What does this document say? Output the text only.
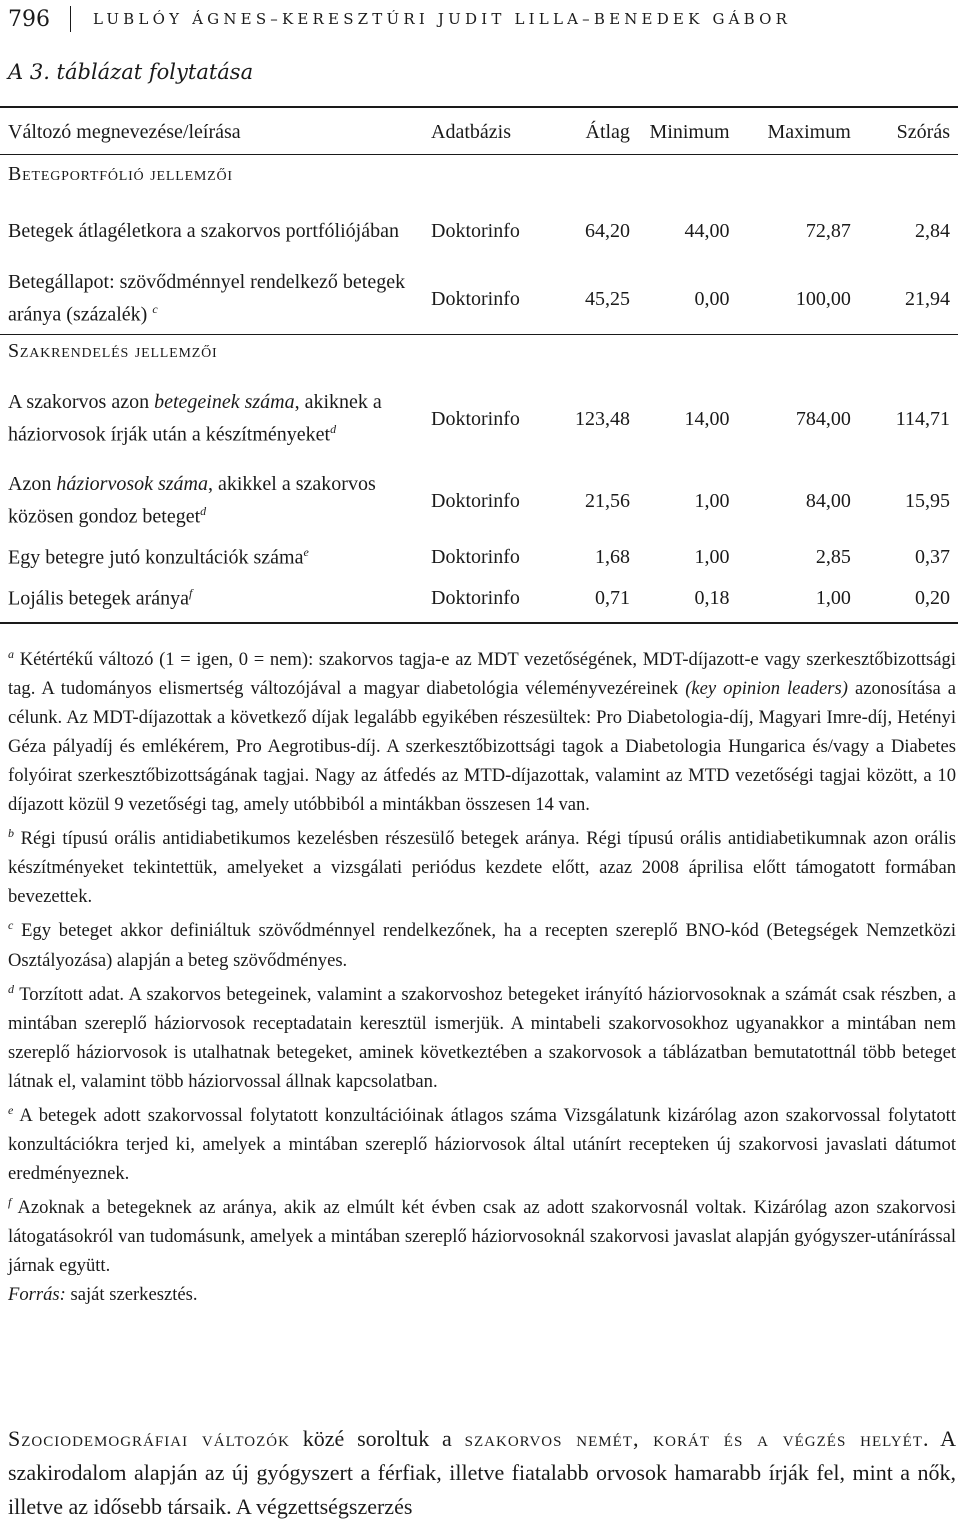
796	LUBLÓY ÁGNES–KERESZTÚRI JUDIT LILLA–BENEDEK GÁBOR
A 3. táblázat folytatása
Változó megnevezése/leírása	Adatbázis	Átlag	Minimum	Maximum	Szórás
Betegportfólió jellemzői					
Betegek átlagéletkora a szakorvos portfóliójában	Doktorinfo	64,20	44,00	72,87	2,84
Betegállapot: szövődménnyel rendelkező betegek aránya (százalék) $^c$	Doktorinfo	45,25	0,00	100,00	21,94
Szakrendelés jellemzői					
A szakorvos azon betegeinek száma, akiknek a háziorvosok írják után a készítményeket$^d$	Doktorinfo	123,48	14,00	784,00	114,71
Azon háziorvosok száma, akikkel a szakorvos közösen gondoz beteget$^d$	Doktorinfo	21,56	1,00	84,00	15,95
Egy betegre jutó konzultációk száma$^e$	Doktorinfo	1,68	1,00	2,85	0,37
Lojális betegek aránya$^f$	Doktorinfo	0,71	0,18	1,00	0,20

$^a$ Kétértékű változó (1 = igen, 0 = nem): szakorvos tagja-e az MDT vezetőségének, MDT-díjazott-e vagy szerkesztőbizottsági tag. A tudományos elismertség változójával a magyar diabetológia véleményvezéreinek (key opinion leaders) azonosítása a célunk. Az MDT-díjazottak a következő díjak legalább egyikében részesültek: Pro Diabetologia-díj, Magyari Imre-díj, Hetényi Géza pályadíj és emlékérem, Pro Aegrotibus-díj. A szerkesztőbizottsági tagok a Diabetologia Hungarica és/vagy a Diabetes folyóirat szerkesztőbizottságának tagjai. Nagy az átfedés az MTD-díjazottak, valamint az MTD vezetőségi tagjai között, a 10 díjazott közül 9 vezetőségi tag, amely utóbbiból a mintákban összesen 14 van.

$^b$ Régi típusú orális antidiabetikumos kezelésben részesülő betegek aránya. Régi típusú orális antidiabetikumnak azon orális készítményeket tekintettük, amelyeket a vizsgálati periódus kezdete előtt, azaz 2008 áprilisa előtt támogatott formában bevezettek.

$^c$ Egy beteget akkor definiáltuk szövődménnyel rendelkezőnek, ha a recepten szereplő BNO-kód (Betegségek Nemzetközi Osztályozása) alapján a beteg szövődményes.

$^d$ Torzított adat. A szakorvos betegeinek, valamint a szakorvoshoz betegeket irányító háziorvosoknak a számát csak részben, a mintában szereplő háziorvosok receptadatain keresztül ismerjük. A mintabeli szakorvosokhoz ugyanakkor a mintában nem szereplő háziorvosok is utalhatnak betegeket, aminek következtében a szakorvosok a táblázatban bemutatottnál több beteget látnak el, valamint több háziorvossal állnak kapcsolatban.

$^e$ A betegek adott szakorvossal folytatott konzultációinak átlagos száma Vizsgálatunk kizárólag azon szakorvossal folytatott konzultációkra terjed ki, amelyek a mintában szereplő háziorvosok által utánírt recepteken új szakorvosi javaslati dátumot eredményeznek.

$^f$ Azoknak a betegeknek az aránya, akik az elmúlt két évben csak az adott szakorvosnál voltak. Kizárólag azon szakorvosi látogatásokról van tudomásunk, amelyek a mintában szereplő háziorvosoknál szakorvosi javaslat alapján gyógyszer-utánírással járnak együtt.

Forrás: saját szerkesztés.

Szociodemográfiai változók közé soroltuk a szakorvos nemét, korát és a végzés helyét. A szakirodalom alapján az új gyógyszert a férfiak, illetve fiatalabb orvosok hamarabb írják fel, mint a nők, illetve az idősebb társaik. A végzettségszerzés
